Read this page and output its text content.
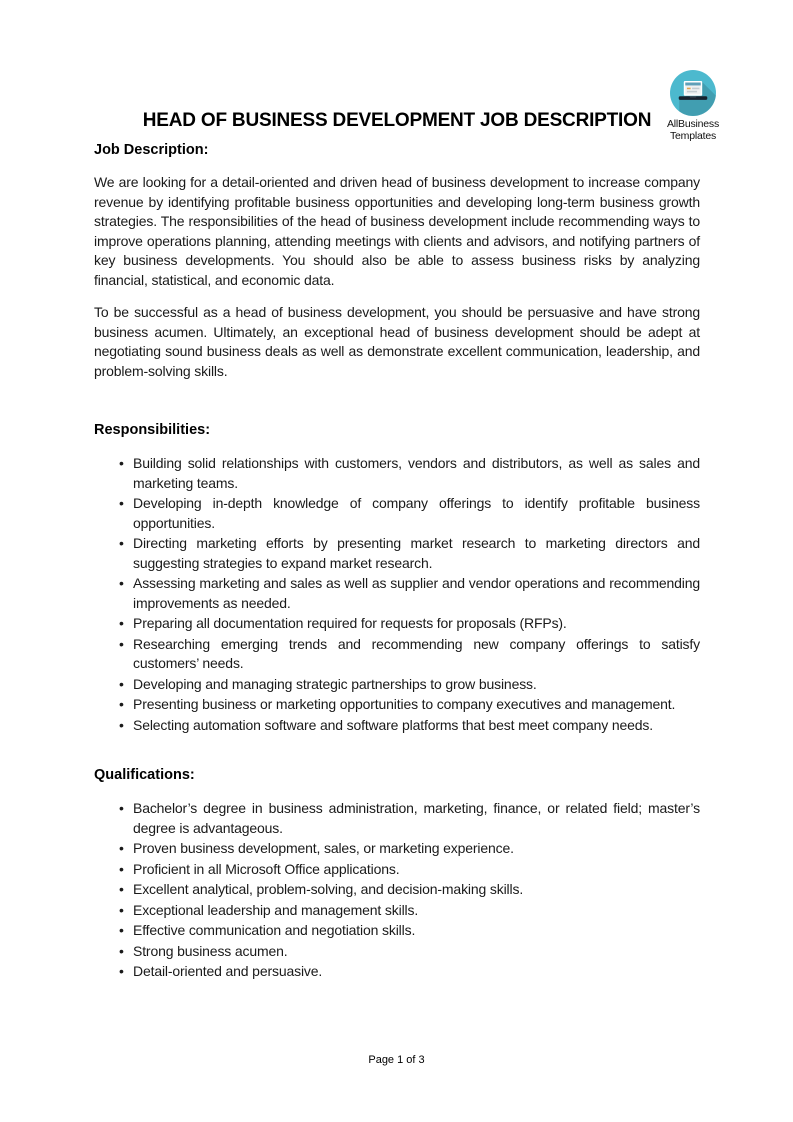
AllBusiness
Templates
HEAD OF BUSINESS DEVELOPMENT JOB DESCRIPTION
Job Description:

We are looking for a detail-oriented and driven head of business development to increase company revenue by identifying profitable business opportunities and developing long-term business growth strategies. The responsibilities of the head of business development include recommending ways to improve operations planning, attending meetings with clients and advisors, and notifying partners of key business developments. You should also be able to assess business risks by analyzing financial, statistical, and economic data.

To be successful as a head of business development, you should be persuasive and have strong business acumen. Ultimately, an exceptional head of business development should be adept at negotiating sound business deals as well as demonstrate excellent communication, leadership, and problem-solving skills.

Responsibilities:
•
Building solid relationships with customers, vendors and distributors, as well as sales and marketing teams.
•
Developing in-depth knowledge of company offerings to identify profitable business opportunities.
•
Directing marketing efforts by presenting market research to marketing directors and suggesting strategies to expand market research.
•
Assessing marketing and sales as well as supplier and vendor operations and recommending improvements as needed.
•
Preparing all documentation required for requests for proposals (RFPs).
•
Researching emerging trends and recommending new company offerings to satisfy customers’ needs.
•
Developing and managing strategic partnerships to grow business.
•
Presenting business or marketing opportunities to company executives and management.
•
Selecting automation software and software platforms that best meet company needs.
Qualifications:
•
Bachelor’s degree in business administration, marketing, finance, or related field; master’s degree is advantageous.
•
Proven business development, sales, or marketing experience.
•
Proficient in all Microsoft Office applications.
•
Excellent analytical, problem-solving, and decision-making skills.
•
Exceptional leadership and management skills.
•
Effective communication and negotiation skills.
•
Strong business acumen.
•
Detail-oriented and persuasive.
Page 1 of 3
